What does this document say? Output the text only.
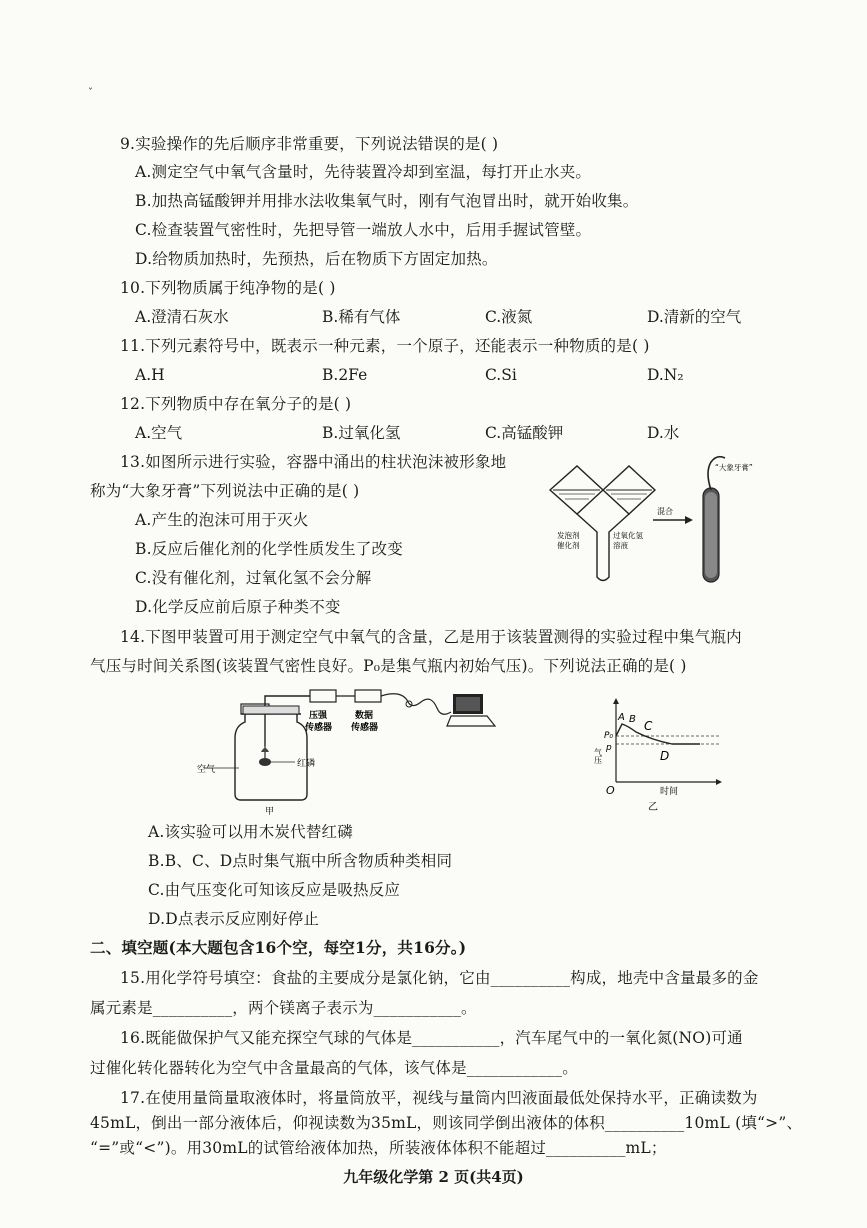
ˇ
9.实验操作的先后顺序非常重要，下列说法错误的是( )
A.测定空气中氧气含量时，先待装置冷却到室温，每打开止水夹。
B.加热高锰酸钾并用排水法收集氧气时，刚有气泡冒出时，就开始收集。
C.检查装置气密性时，先把导管一端放人水中，后用手握试管壁。
D.给物质加热时，先预热，后在物质下方固定加热。
10.下列物质属于纯净物的是( )
A.澄清石灰水	B.稀有气体	C.液氮	D.清新的空气
11.下列元素符号中，既表示一种元素，一个原子，还能表示一种物质的是( )
A.H	B.2Fe	C.Si	D.N₂
12.下列物质中存在氧分子的是( )
A.空气	B.过氧化氢	C.高锰酸钾	D.水
13.如图所示进行实验，容器中涌出的柱状泡沫被形象地
称为“大象牙膏”下列说法中正确的是( )
A.产生的泡沫可用于灭火
B.反应后催化剂的化学性质发生了改变
C.没有催化剂，过氧化氢不会分解
D.化学反应前后原子种类不变
发泡剂
催化剂
过氧化氢
溶液
混合
“大象牙膏”
14.下图甲装置可用于测定空气中氧气的含量，乙是用于该装置测得的实验过程中集气瓶内
气压与时间关系图(该装置气密性良好。P₀是集气瓶内初始气压)。下列说法正确的是( )
空气
红磷
压强
传感器
数据
传感器
甲
气压
P₀
p
A B C
D
O	时间
乙
A.该实验可以用木炭代替红磷
B.B、C、D点时集气瓶中所含物质种类相同
C.由气压变化可知该反应是吸热反应
D.D点表示反应刚好停止
二、填空题(本大题包含16个空，每空1分，共16分。)
15.用化学符号填空：食盐的主要成分是氯化钠，它由__________构成，地壳中含量最多的金
属元素是__________，两个镁离子表示为___________。
16.既能做保护气又能充探空气球的气体是___________，汽车尾气中的一氧化氮(NO)可通
过催化转化器转化为空气中含量最高的气体，该气体是____________。
17.在使用量筒量取液体时，将量筒放平，视线与量筒内凹液面最低处保持水平，正确读数为
45mL，倒出一部分液体后，仰视读数为35mL，则该同学倒出液体的体积__________10mL (填“>”、
“=”或“<”)。用30mL的试管给液体加热，所装液体体积不能超过__________mL；
九年级化学第 2 页(共4页)
